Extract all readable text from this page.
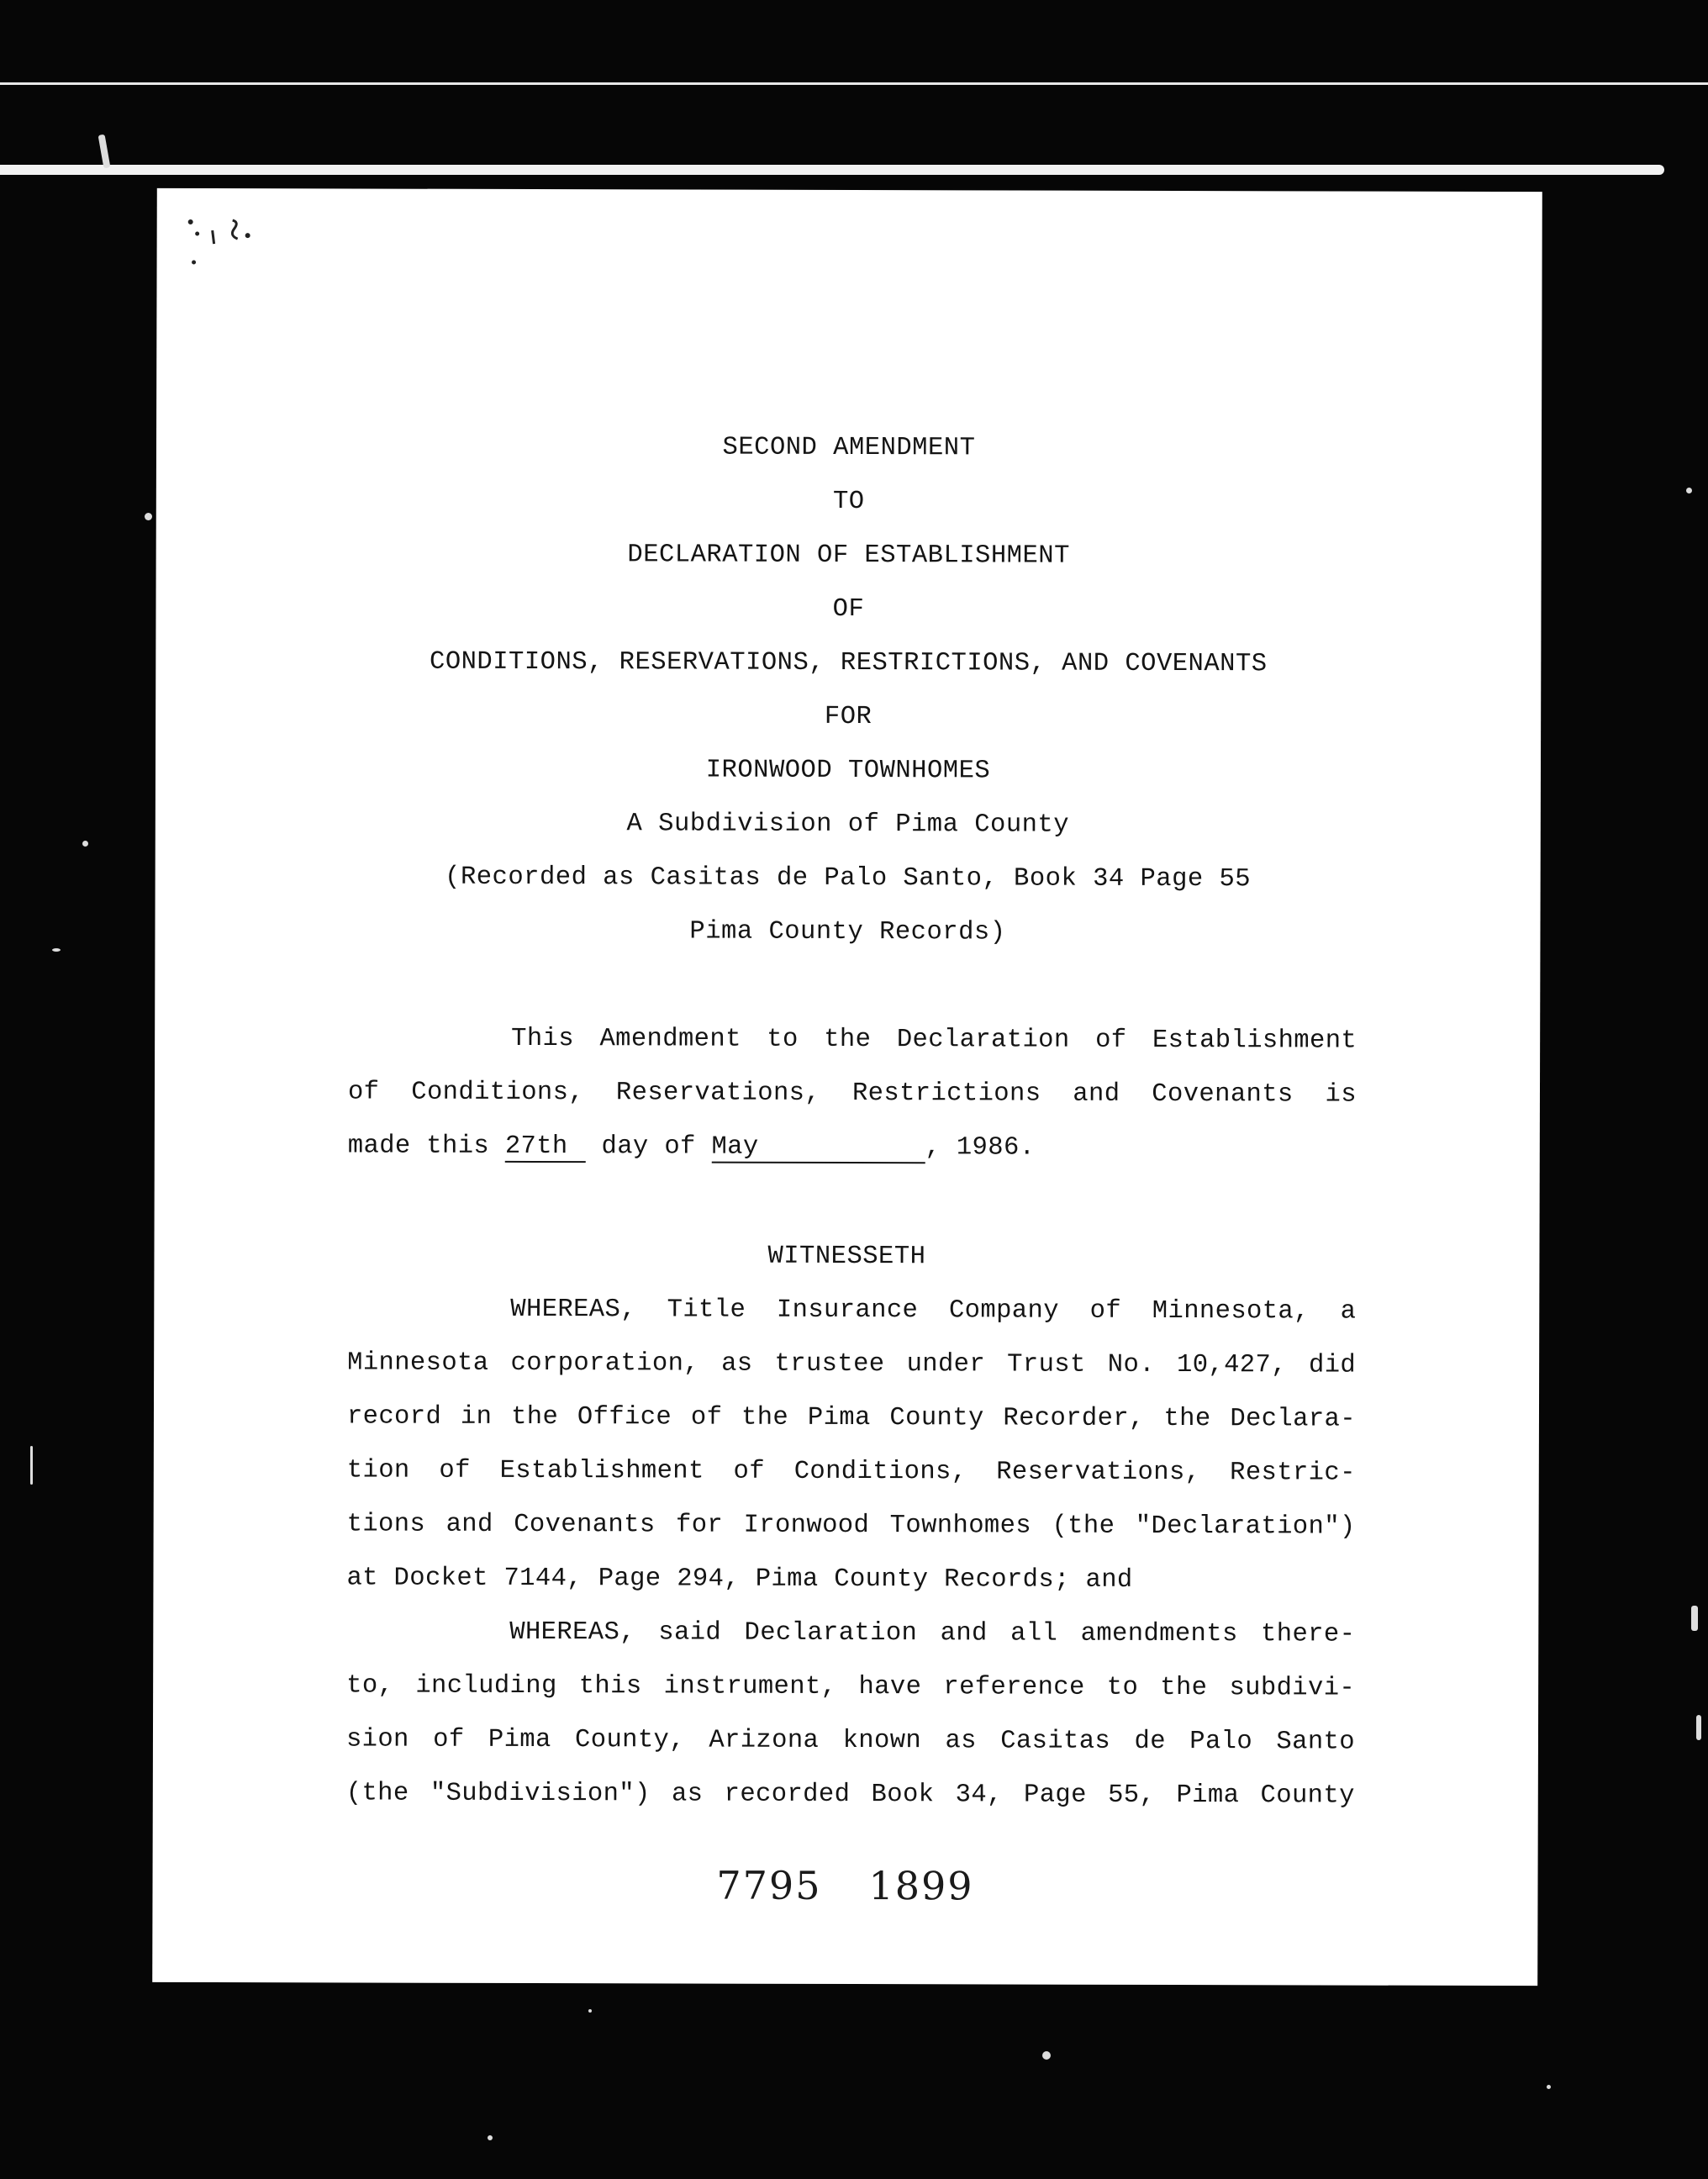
SECOND AMENDMENT
TO
DECLARATION OF ESTABLISHMENT
OF
CONDITIONS, RESERVATIONS, RESTRICTIONS, AND COVENANTS
FOR
IRONWOOD TOWNHOMES
A Subdivision of Pima County
(Recorded as Casitas de Palo Santo, Book 34 Page 55
Pima County Records)
This Amendment to the Declaration of Establishment
of Conditions, Reservations, Restrictions and Covenants is
made this 27th day of May	, 1986.
WITNESSETH
WHEREAS, Title Insurance Company of Minnesota, a
Minnesota corporation, as trustee under Trust No. 10,427, did
record in the Office of the Pima County Recorder, the Declara-
tion of Establishment of Conditions, Reservations, Restric-
tions and Covenants for Ironwood Townhomes (the "Declaration")
at Docket 7144, Page 294, Pima County Records; and
WHEREAS, said Declaration and all amendments there-
to, including this instrument, have reference to the subdivi-
sion of Pima County, Arizona known as Casitas de Palo Santo
(the "Subdivision") as recorded Book 34, Page 55, Pima County
7795 1899
